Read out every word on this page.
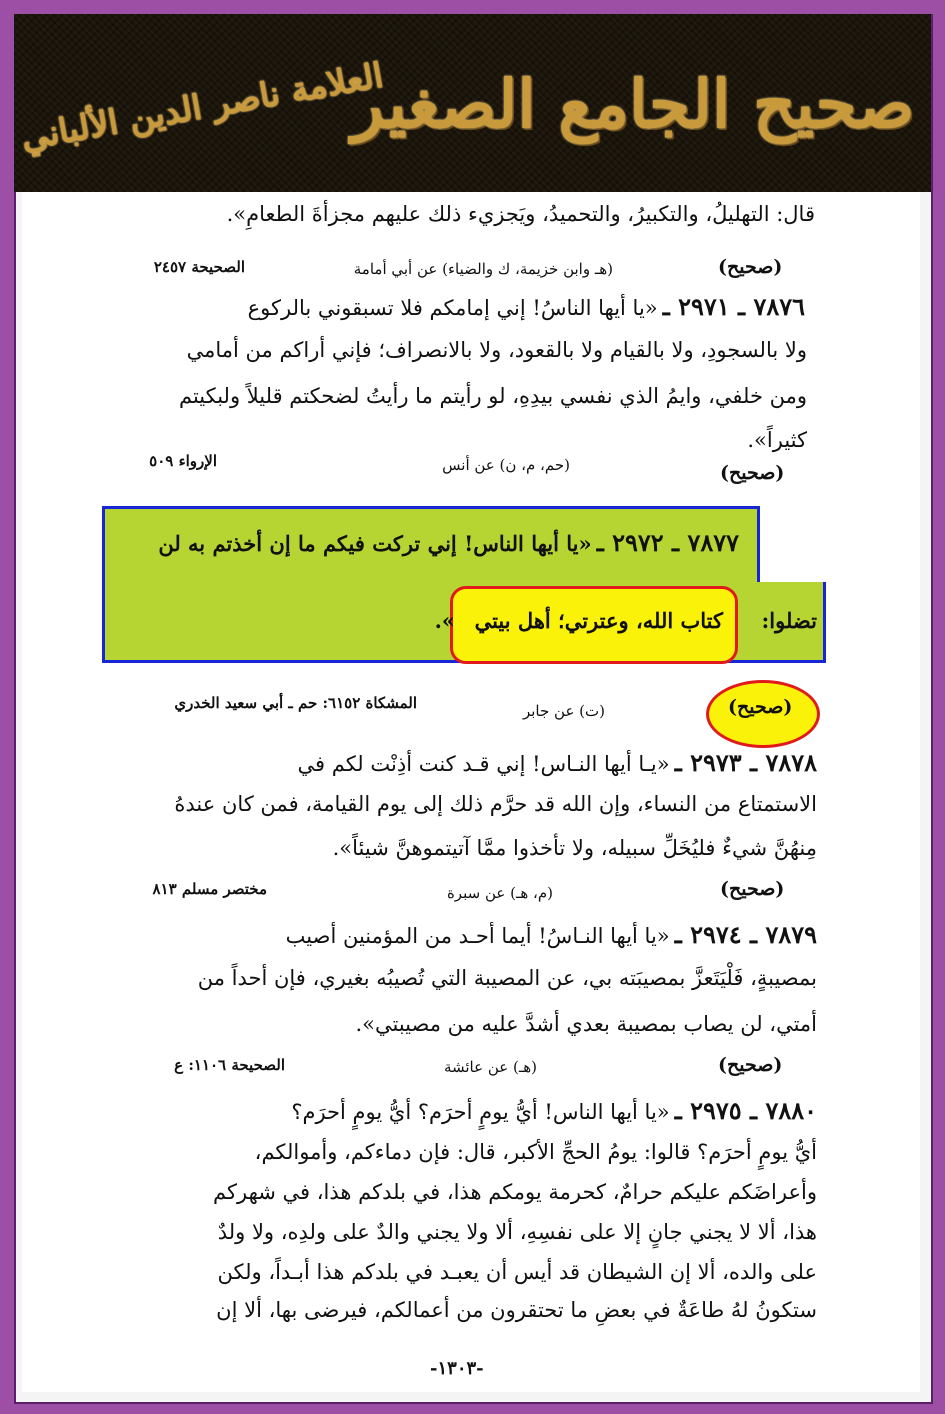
صحيح الجامع الصغير
العلامة ناصر الدين الألباني
قال: التهليلُ، والتكبيرُ، والتحميدُ، ويَجزيء ذلك عليهم مجزأةَ الطعامِ».
(صحيح)
(هـ وابن خزيمة، ك والضياء) عن أبي أمامة
الصحيحة ٢٤٥٧
٧٨٧٦ ـ ٢٩٧١ ـ «يا أيها الناسُ! إني إمامكم فلا تسبقوني بالركوع
ولا بالسجودِ، ولا بالقيام ولا بالقعود، ولا بالانصراف؛ فإني أراكم من أمامي
ومن خلفي، وايمُ الذي نفسي بيدِهِ، لو رأيتم ما رأيتُ لضحكتم قليلاً ولبكيتم
كثيراً».
(صحيح)
(حم، م، ن) عن أنس
الإرواء ٥٠٩
٧٨٧٧ ـ ٢٩٧٢ ـ «يا أيها الناس! إني تركت فيكم ما إن أخذتم به لن
تضلوا:
كتاب الله، وعترتي؛ أهل بيتي
».
(صحيح)
(ت) عن جابر
المشكاة ٦١٥٢: حم ـ أبي سعيد الخدري
٧٨٧٨ ـ ٢٩٧٣ ـ «يـا أيها النـاس! إني قـد كنت أذِنْت لكم في
الاستمتاع من النساء، وإن الله قد حرَّم ذلك إلى يوم القيامة، فمن كان عندهُ
مِنهُنَّ شيءٌ فليُخَلِّ سبيله، ولا تأخذوا ممَّا آتيتموهنَّ شيئاً».
(صحيح)
(م، هـ) عن سبرة
مختصر مسلم ٨١٣
٧٨٧٩ ـ ٢٩٧٤ ـ «يا أيها النـاسُ! أيما أحـد من المؤمنين أصيب
بمصيبةٍ، فَلْيَتَعزَّ بمصيبَته بي، عن المصيبة التي تُصيبُه بغيري، فإن أحداً من
أمتي، لن يصاب بمصيبة بعدي أشدَّ عليه من مصيبتي».
(صحيح)
(هـ) عن عائشة
الصحيحة ١١٠٦: ع
٧٨٨٠ ـ ٢٩٧٥ ـ «يا أيها الناس! أيُّ يومٍ أحرَم؟ أيُّ يومٍ أحرَم؟
أيُّ يومٍ أحرَم؟ قالوا: يومُ الحجِّ الأكبر، قال: فإن دماءكم، وأموالكم،
وأعراضَكم عليكم حرامٌ، كحرمة يومكم هذا، في بلدكم هذا، في شهركم
هذا، ألا لا يجني جانٍ إلا على نفسِهِ، ألا ولا يجني والدٌ على ولدِه، ولا ولدٌ
على والده، ألا إن الشيطان قد أيس أن يعبـد في بلدكم هذا أبـداً، ولكن
ستكونُ لهُ طاعَةٌ في بعضِ ما تحتقرون من أعمالكم، فيرضى بها، ألا إن
-١٣٠٣-
